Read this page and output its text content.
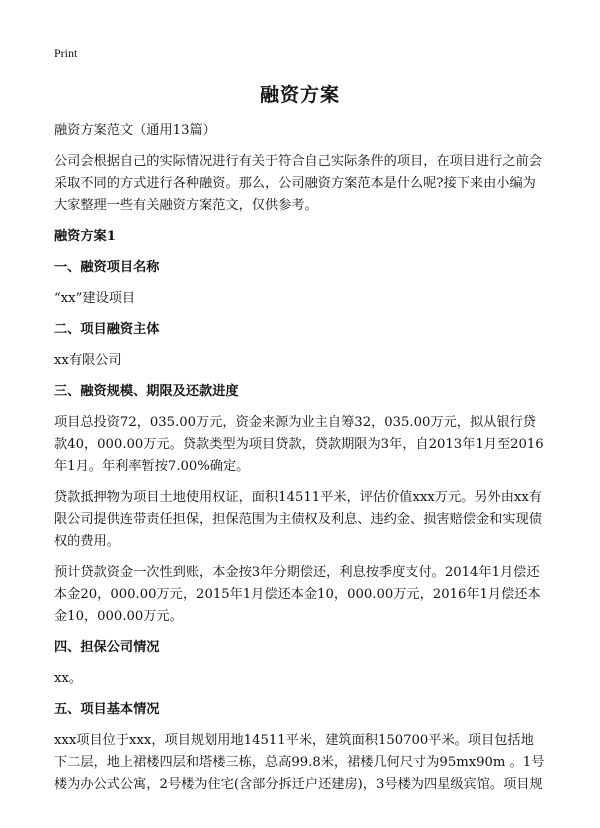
Print
融资方案

融资方案范文（通用13篇）

公司会根据自己的实际情况进行有关于符合自己实际条件的项目，在项目进行之前会采取不同的方式进行各种融资。那么，公司融资方案范本是什么呢?接下来由小编为大家整理一些有关融资方案范文，仅供参考。

融资方案1
一、融资项目名称

“xx”建设项目

二、项目融资主体

xx有限公司

三、融资规模、期限及还款进度

项目总投资72，035.00万元，资金来源为业主自筹32，035.00万元，拟从银行贷款40，000.00万元。贷款类型为项目贷款，贷款期限为3年，自2013年1月至2016年1月。年利率暂按7.00%确定。

贷款抵押物为项目土地使用权证，面积14511平米，评估价值xxx万元。另外由xx有限公司提供连带责任担保，担保范围为主债权及利息、违约金、损害赔偿金和实现债权的费用。

预计贷款资金一次性到账，本金按3年分期偿还，利息按季度支付。2014年1月偿还本金20，000.00万元，2015年1月偿还本金10，000.00万元，2016年1月偿还本金10，000.00万元。

四、担保公司情况

xx。

五、项目基本情况

xxx项目位于xxx，项目规划用地14511平米，建筑面积150700平米。项目包括地下二层，地上裙楼四层和塔楼三栋，总高99.8米，裙楼几何尺寸为95mx90m 。1号楼为办公式公寓，2号楼为住宅(含部分拆迁户还建房)，3号楼为四星级宾馆。项目规
